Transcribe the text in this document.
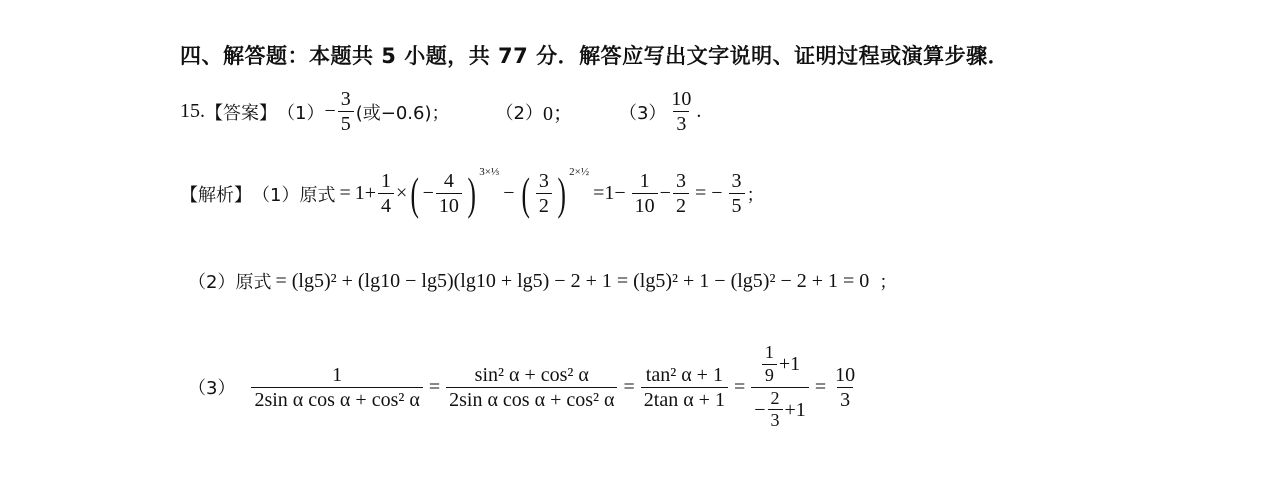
四、解答题：本题共 5 小题，共 77 分．解答应写出文字说明、证明过程或演算步骤．
15. 【答案】 $(1) - \frac{3}{5}$ (或−0.6)；	（2） 0；	$(3) \frac{10}{3}$ .
【解析】 （1） 原式 = $1+ \frac{1}{4}$ × ( − $\frac{4}{10}$ ) 3×⅓
− ( $\frac{3}{2}$ ) 2×½
$=1- \frac{1}{10} - \frac{3}{2}$ = − $\frac{3}{5}$ ；
（2） 原式 = (lg5)² + (lg10 − lg5)(lg10 + lg5) − 2 + 1 = (lg5)² + 1 − (lg5)² − 2 + 1 = 0 ；
$(3) \frac{1}{\text{2sin α cos α + cos² α}} = \frac{\text{sin² α + cos² α}}{\text{2sin α cos α + cos² α}} = \frac{\text{tan² α + 1}}{\text{2tan α + 1}} = \frac{\frac{1}{9} +1}{- \frac{2}{3} +1} = \frac{10}{3}$
